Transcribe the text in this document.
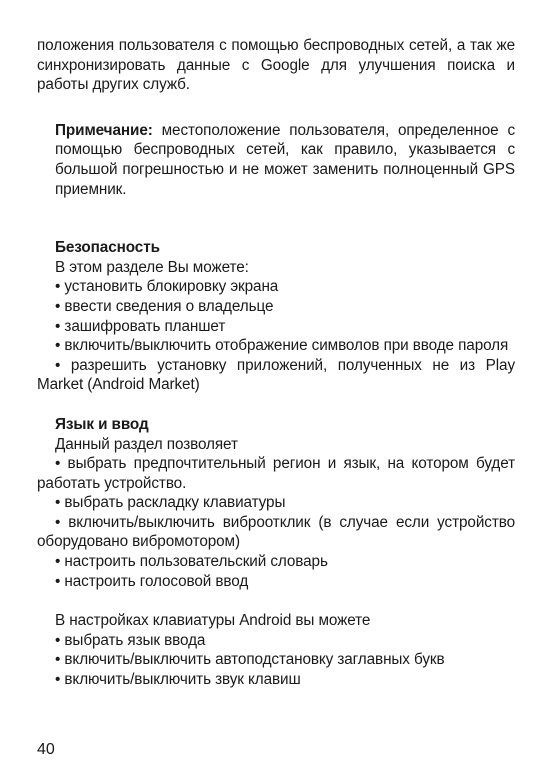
положения пользователя с помощью беспроводных сетей, а так же синхронизировать данные с Google для улучшения поиска и работы других служб.

Примечание: местоположение пользователя, определенное с помощью беспроводных сетей, как правило, указывается с большой погрешностью и не может заменить полноценный GPS приемник.

Безопасность

В этом разделе Вы можете:

• установить блокировку экрана

• ввести сведения о владельце

• зашифровать планшет

• включить/выключить отображение символов при вводе пароля

• разрешить установку приложений, полученных не из Play Market (Android Market)

Язык и ввод

Данный раздел позволяет

• выбрать предпочтительный регион и язык, на котором будет работать устройство.

• выбрать раскладку клавиатуры

• включить/выключить виброотклик (в случае если устройство оборудовано вибромотором)

• настроить пользовательский словарь

• настроить голосовой ввод

В настройках клавиатуры Android вы можете

• выбрать язык ввода

• включить/выключить автоподстановку заглавных букв

• включить/выключить звук клавиш

40
